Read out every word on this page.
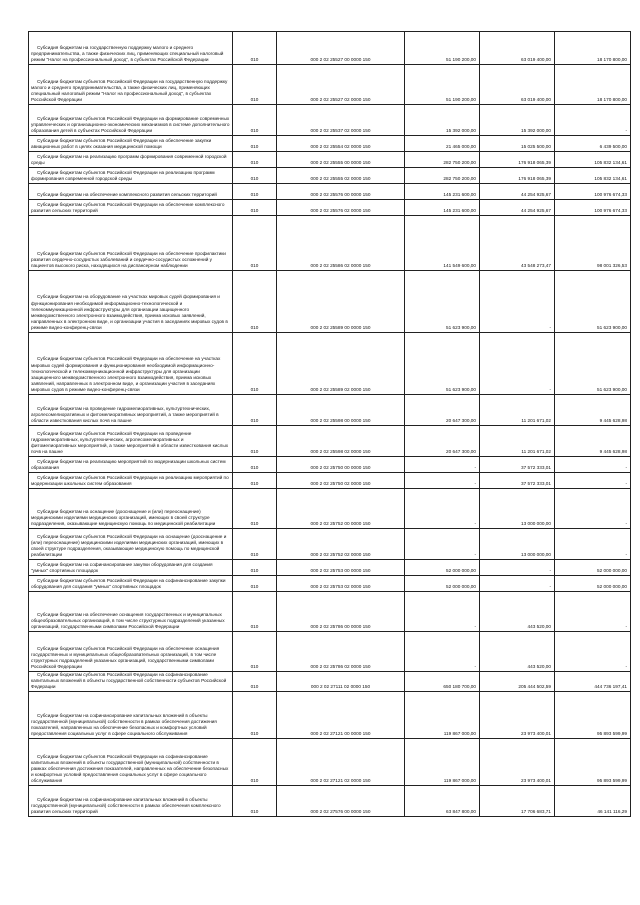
Субсидия бюджетам на государственную поддержку малого и среднего предпринимательства, а также физических лиц, применяющих специальный налоговый режим "Налог на профессиональный доход", в субъектах Российской Федерации	010	000 2 02 25527 00 0000 150	51 190 200,00	63 019 400,00	18 170 800,00
Субсидии бюджетам субъектов Российской Федерации на государственную поддержку малого и среднего предпринимательства, а также физических лиц, применяющих специальный налоговый режим "Налог на профессиональный доход", в субъектах Российской Федерации	010	000 2 02 25527 02 0000 150	51 190 200,00	63 019 400,00	18 170 800,00
Субсидии бюджетам субъектов Российской Федерации на формирование современных управленческих и организационно-экономических механизмов в системе дополнительного образования детей в субъектах Российской Федерации	010	000 2 02 25537 02 0000 150	15 392 000,00	15 392 000,00	-
Субсидии бюджетам субъектов Российской Федерации на обеспечение закупки авиационных работ в целях оказания медицинской помощи	010	000 2 02 25554 02 0000 150	21 465 000,00	15 025 500,00	6 439 500,00
Субсидии бюджетам на реализацию программ формирования современной городской среды	010	000 2 02 25555 00 0000 150	282 750 200,00	176 918 065,39	105 832 134,61
Субсидии бюджетам субъектов Российской Федерации на реализацию программ формирования современной городской среды	010	000 2 02 25555 02 0000 150	282 750 200,00	176 918 065,39	105 832 134,61
Субсидии бюджетам на обеспечение комплексного развития сельских территорий	010	000 2 02 25576 00 0000 150	145 231 600,00	44 254 925,67	100 976 674,33
Субсидии бюджетам субъектов Российской Федерации на обеспечение комплексного развития сельских территорий	010	000 2 02 25576 02 0000 150	145 231 600,00	44 254 925,67	100 976 674,33
Субсидии бюджетам субъектов Российской Федерации на обеспечение профилактики развития сердечно-сосудистых заболеваний и сердечно-сосудистых осложнений у пациентов высокого риска, находящихся на диспансерном наблюдении	010	000 2 02 25586 02 0000 150	141 549 600,00	43 548 273,47	98 001 326,53
Субсидии бюджетам на оборудование на участках мировых судей формирования и функционирования необходимой информационно-технологической и телекоммуникационной инфраструктуры для организации защищенного межведомственного электронного взаимодействия, приема исковых заявлений, направленных в электронном виде, и организации участия в заседаниях мировых судов в режиме видео-конференц-связи	010	000 2 02 25589 00 0000 150	51 623 900,00	-	51 623 900,00
Субсидии бюджетам субъектов Российской Федерации на обеспечение на участках мировых судей формирования и функционирования необходимой информационно-технологической и телекоммуникационной инфраструктуры для организации защищенного межведомственного электронного взаимодействия, приема исковых заявлений, направленных в электронном виде, и организации участия в заседаниях мировых судов в режиме видео-конференц-связи	010	000 2 02 25589 02 0000 150	51 623 900,00	-	51 623 900,00
Субсидии бюджетам на проведение гидромелиоративных, культуртехнических, агролесомелиоративных и фитомелиоративных мероприятий, а также мероприятий в области известкования кислых почв на пашне	010	000 2 02 25598 00 0000 150	20 647 300,00	11 201 671,02	9 445 628,98
Субсидии бюджетам субъектов Российской Федерации на проведение гидромелиоративных, культуртехнических, агролесомелиоративных и фитомелиоративных мероприятий, а также мероприятий в области известкования кислых почв на пашне	010	000 2 02 25598 02 0000 150	20 647 300,00	11 201 671,02	9 445 628,98
Субсидии бюджетам на реализацию мероприятий по модернизации школьных систем образования	010	000 2 02 25750 00 0000 150	-	37 572 333,01	-
Субсидии бюджетам субъектов Российской Федерации на реализацию мероприятий по модернизации школьных систем образования	010	000 2 02 25750 02 0000 150	-	37 572 333,01	-
Субсидии бюджетам на оснащение (дооснащение и (или) переоснащение) медицинскими изделиями медицинских организаций, имеющих в своей структуре подразделения, оказывающие медицинскую помощь по медицинской реабилитации	010	000 2 02 25752 00 0000 150	-	13 000 000,00	-
Субсидии бюджетам субъектов Российской Федерации на оснащение (дооснащение и (или) переоснащение) медицинскими изделиями медицинских организаций, имеющих в своей структуре подразделения, оказывающие медицинскую помощь по медицинской реабилитации	010	000 2 02 25752 02 0000 150	-	13 000 000,00	-
Субсидии бюджетам на софинансирование закупки оборудования для создания "умных" спортивных площадок	010	000 2 02 25753 00 0000 150	52 000 000,00	-	52 000 000,00
Субсидии бюджетам субъектов Российской Федерации на софинансирование закупки оборудования для создания "умных" спортивных площадок	010	000 2 02 25753 02 0000 150	52 000 000,00	-	52 000 000,00
Субсидии бюджетам на обеспечение оснащения государственных и муниципальных общеобразовательных организаций, в том числе структурных подразделений указанных организаций, государственными символами Российской Федерации	010	000 2 02 25786 00 0000 150	-	443 520,00	-
Субсидии бюджетам субъектов Российской Федерации на обеспечение оснащения государственных и муниципальных общеобразовательных организаций, в том числе структурных подразделений указанных организаций, государственными символами Российской Федерации	010	000 2 02 25786 02 0000 150	-	443 520,00	-
Субсидии бюджетам субъектов Российской Федерации на софинансирование капитальных вложений в объекты государственной собственности субъектов Российской Федерации	010	000 2 02 27111 02 0000 150	650 180 700,00	205 444 502,59	444 736 197,41
Субсидии бюджетам на софинансирование капитальных вложений в объекты государственной (муниципальной) собственности в рамках обеспечения достижения показателей, направленных на обеспечение безопасных и комфортных условий предоставления социальных услуг в сфере социального обслуживания	010	000 2 02 27121 00 0000 150	119 867 000,00	23 973 400,01	95 893 599,99
Субсидии бюджетам субъектов Российской Федерации на софинансирование капитальных вложений в объекты государственной (муниципальной) собственности в рамках обеспечения достижения показателей, направленных на обеспечение безопасных и комфортных условий предоставления социальных услуг в сфере социального обслуживания	010	000 2 02 27121 02 0000 150	119 867 000,00	23 973 400,01	95 893 599,99
Субсидии бюджетам на софинансирование капитальных вложений в объекты государственной (муниципальной) собственности в рамках обеспечения комплексного развития сельских территорий	010	000 2 02 27576 00 0000 150	63 847 800,00	17 706 683,71	46 141 116,29
